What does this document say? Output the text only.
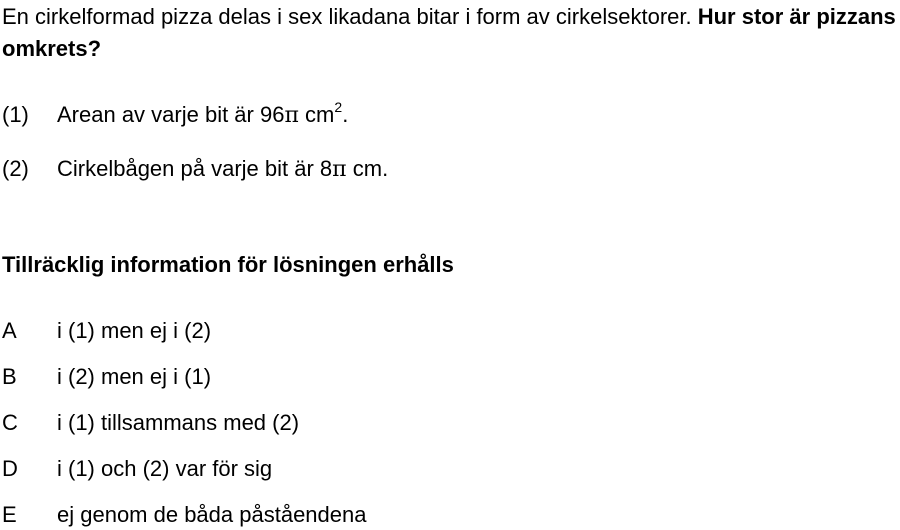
En cirkelformad pizza delas i sex likadana bitar i form av cirkelsektorer. Hur stor är pizzans omkrets?

(1) Arean av varje bit är 96π $cm^2$.
(2) Cirkelbågen på varje bit är 8π cm.

Tillräcklig information för lösningen erhålls

A i (1) men ej i (2)
B i (2) men ej i (1)
C i (1) tillsammans med (2)
D i (1) och (2) var för sig
E ej genom de båda påståendena
